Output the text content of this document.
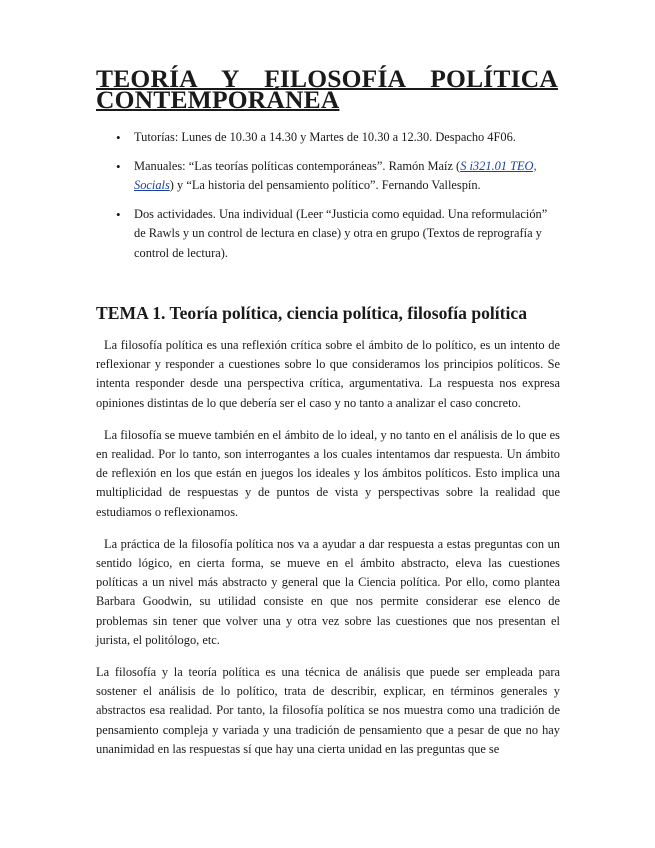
TEORÍA Y FILOSOFÍA POLÍTICA
CONTEMPORÁNEA
• Tutorías: Lunes de 10.30 a 14.30 y Martes de 10.30 a 12.30. Despacho 4F06.
• Manuales: “Las teorías políticas contemporáneas”. Ramón Maíz (S i321.01 TEO, Socials) y “La historia del pensamiento político”. Fernando Vallespín.
• Dos actividades. Una individual (Leer “Justicia como equidad. Una reformulación” de Rawls y un control de lectura en clase) y otra en grupo (Textos de reprografía y control de lectura).
TEMA 1. Teoría política, ciencia política, filosofía política

La filosofía política es una reflexión crítica sobre el ámbito de lo político, es un intento de reflexionar y responder a cuestiones sobre lo que consideramos los principios políticos. Se intenta responder desde una perspectiva crítica, argumentativa. La respuesta nos expresa opiniones distintas de lo que debería ser el caso y no tanto a analizar el caso concreto.

La filosofía se mueve también en el ámbito de lo ideal, y no tanto en el análisis de lo que es en realidad. Por lo tanto, son interrogantes a los cuales intentamos dar respuesta. Un ámbito de reflexión en los que están en juegos los ideales y los ámbitos políticos. Esto implica una multiplicidad de respuestas y de puntos de vista y perspectivas sobre la realidad que estudiamos o reflexionamos.

La práctica de la filosofía política nos va a ayudar a dar respuesta a estas preguntas con un sentido lógico, en cierta forma, se mueve en el ámbito abstracto, eleva las cuestiones políticas a un nivel más abstracto y general que la Ciencia política. Por ello, como plantea Barbara Goodwin, su utilidad consiste en que nos permite considerar ese elenco de problemas sin tener que volver una y otra vez sobre las cuestiones que nos presentan el jurista, el politólogo, etc.

La filosofía y la teoría política es una técnica de análisis que puede ser empleada para sostener el análisis de lo político, trata de describir, explicar, en términos generales y abstractos esa realidad. Por tanto, la filosofía política se nos muestra como una tradición de pensamiento compleja y variada y una tradición de pensamiento que a pesar de que no hay unanimidad en las respuestas sí que hay una cierta unidad en las preguntas que se
